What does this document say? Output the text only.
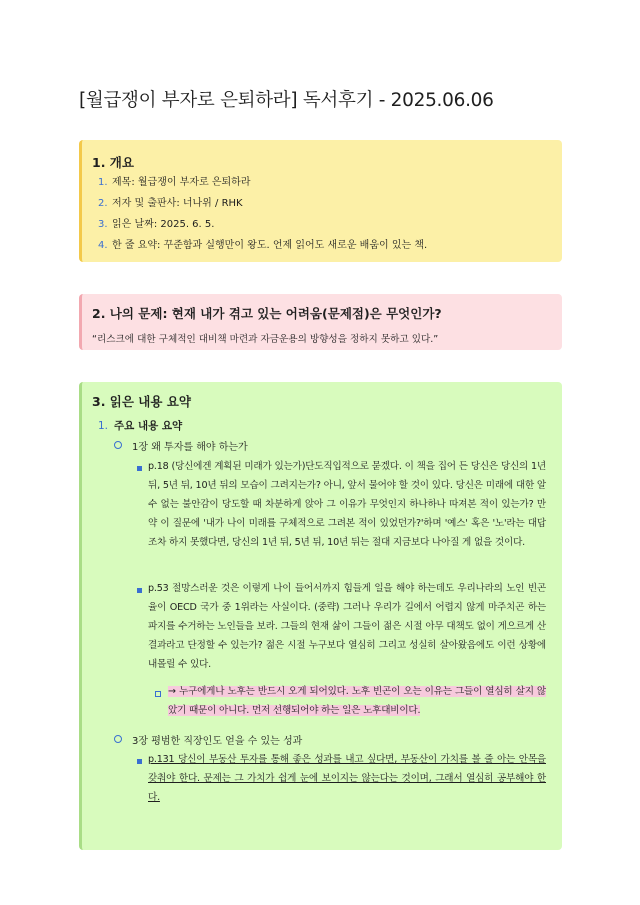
[월급쟁이 부자로 은퇴하라] 독서후기 - 2025.06.06
1. 개요
1. 제목: 월급쟁이 부자로 은퇴하라
2. 저자 및 출판사: 너나위 / RHK
3. 읽은 날짜: 2025. 6. 5.
4. 한 줄 요약: 꾸준함과 실행만이 왕도. 언제 읽어도 새로운 배움이 있는 책.
2. 나의 문제: 현재 내가 겪고 있는 어려움(문제점)은 무엇인가?
“리스크에 대한 구체적인 대비책 마련과 자금운용의 방향성을 정하지 못하고 있다.”
3. 읽은 내용 요약
1. 주요 내용 요약
1장 왜 투자를 해야 하는가
p.18 (당신에겐 계획된 미래가 있는가)단도직입적으로 묻겠다. 이 책을 집어 든 당신은 당신의 1년 뒤, 5년 뒤, 10년 뒤의 모습이 그려지는가? 아니, 앞서 물어야 할 것이 있다. 당신은 미래에 대한 알 수 없는 불안감이 당도할 때 차분하게 앉아 그 이유가 무엇인지 하나하나 따져본 적이 있는가? 만약 이 질문에 '내가 나이 미래를 구체적으로 그려본 적이 있었던가?'하며 '예스' 혹은 '노'라는 대답조차 하지 못했다면, 당신의 1년 뒤, 5년 뒤, 10년 뒤는 절대 지금보다 나아질 게 없을 것이다.
p.53 절망스러운 것은 이렇게 나이 들어서까지 힘들게 일을 해야 하는데도 우리나라의 노인 빈곤율이 OECD 국가 중 1위라는 사실이다. (중략) 그러나 우리가 길에서 어렵지 않게 마주치곤 하는 파지를 수거하는 노인들을 보라. 그들의 현재 삶이 그들이 젊은 시절 아무 대책도 없이 게으르게 산 결과라고 단정할 수 있는가? 젊은 시절 누구보다 열심히 그리고 성실히 살아왔음에도 이런 상황에 내몰릴 수 있다.
→ 누구에게나 노후는 반드시 오게 되어있다. 노후 빈곤이 오는 이유는 그들이 열심히 살지 않았기 때문이 아니다. 먼저 선행되어야 하는 일은 노후대비이다.
3장 평범한 직장인도 얻을 수 있는 성과
p.131 당신이 부동산 투자를 통해 좋은 성과를 내고 싶다면, 부동산이 가치를 볼 줄 아는 안목을 갖춰야 한다. 문제는 그 가치가 쉽게 눈에 보이지는 않는다는 것이며, 그래서 열심히 공부해야 한다.
